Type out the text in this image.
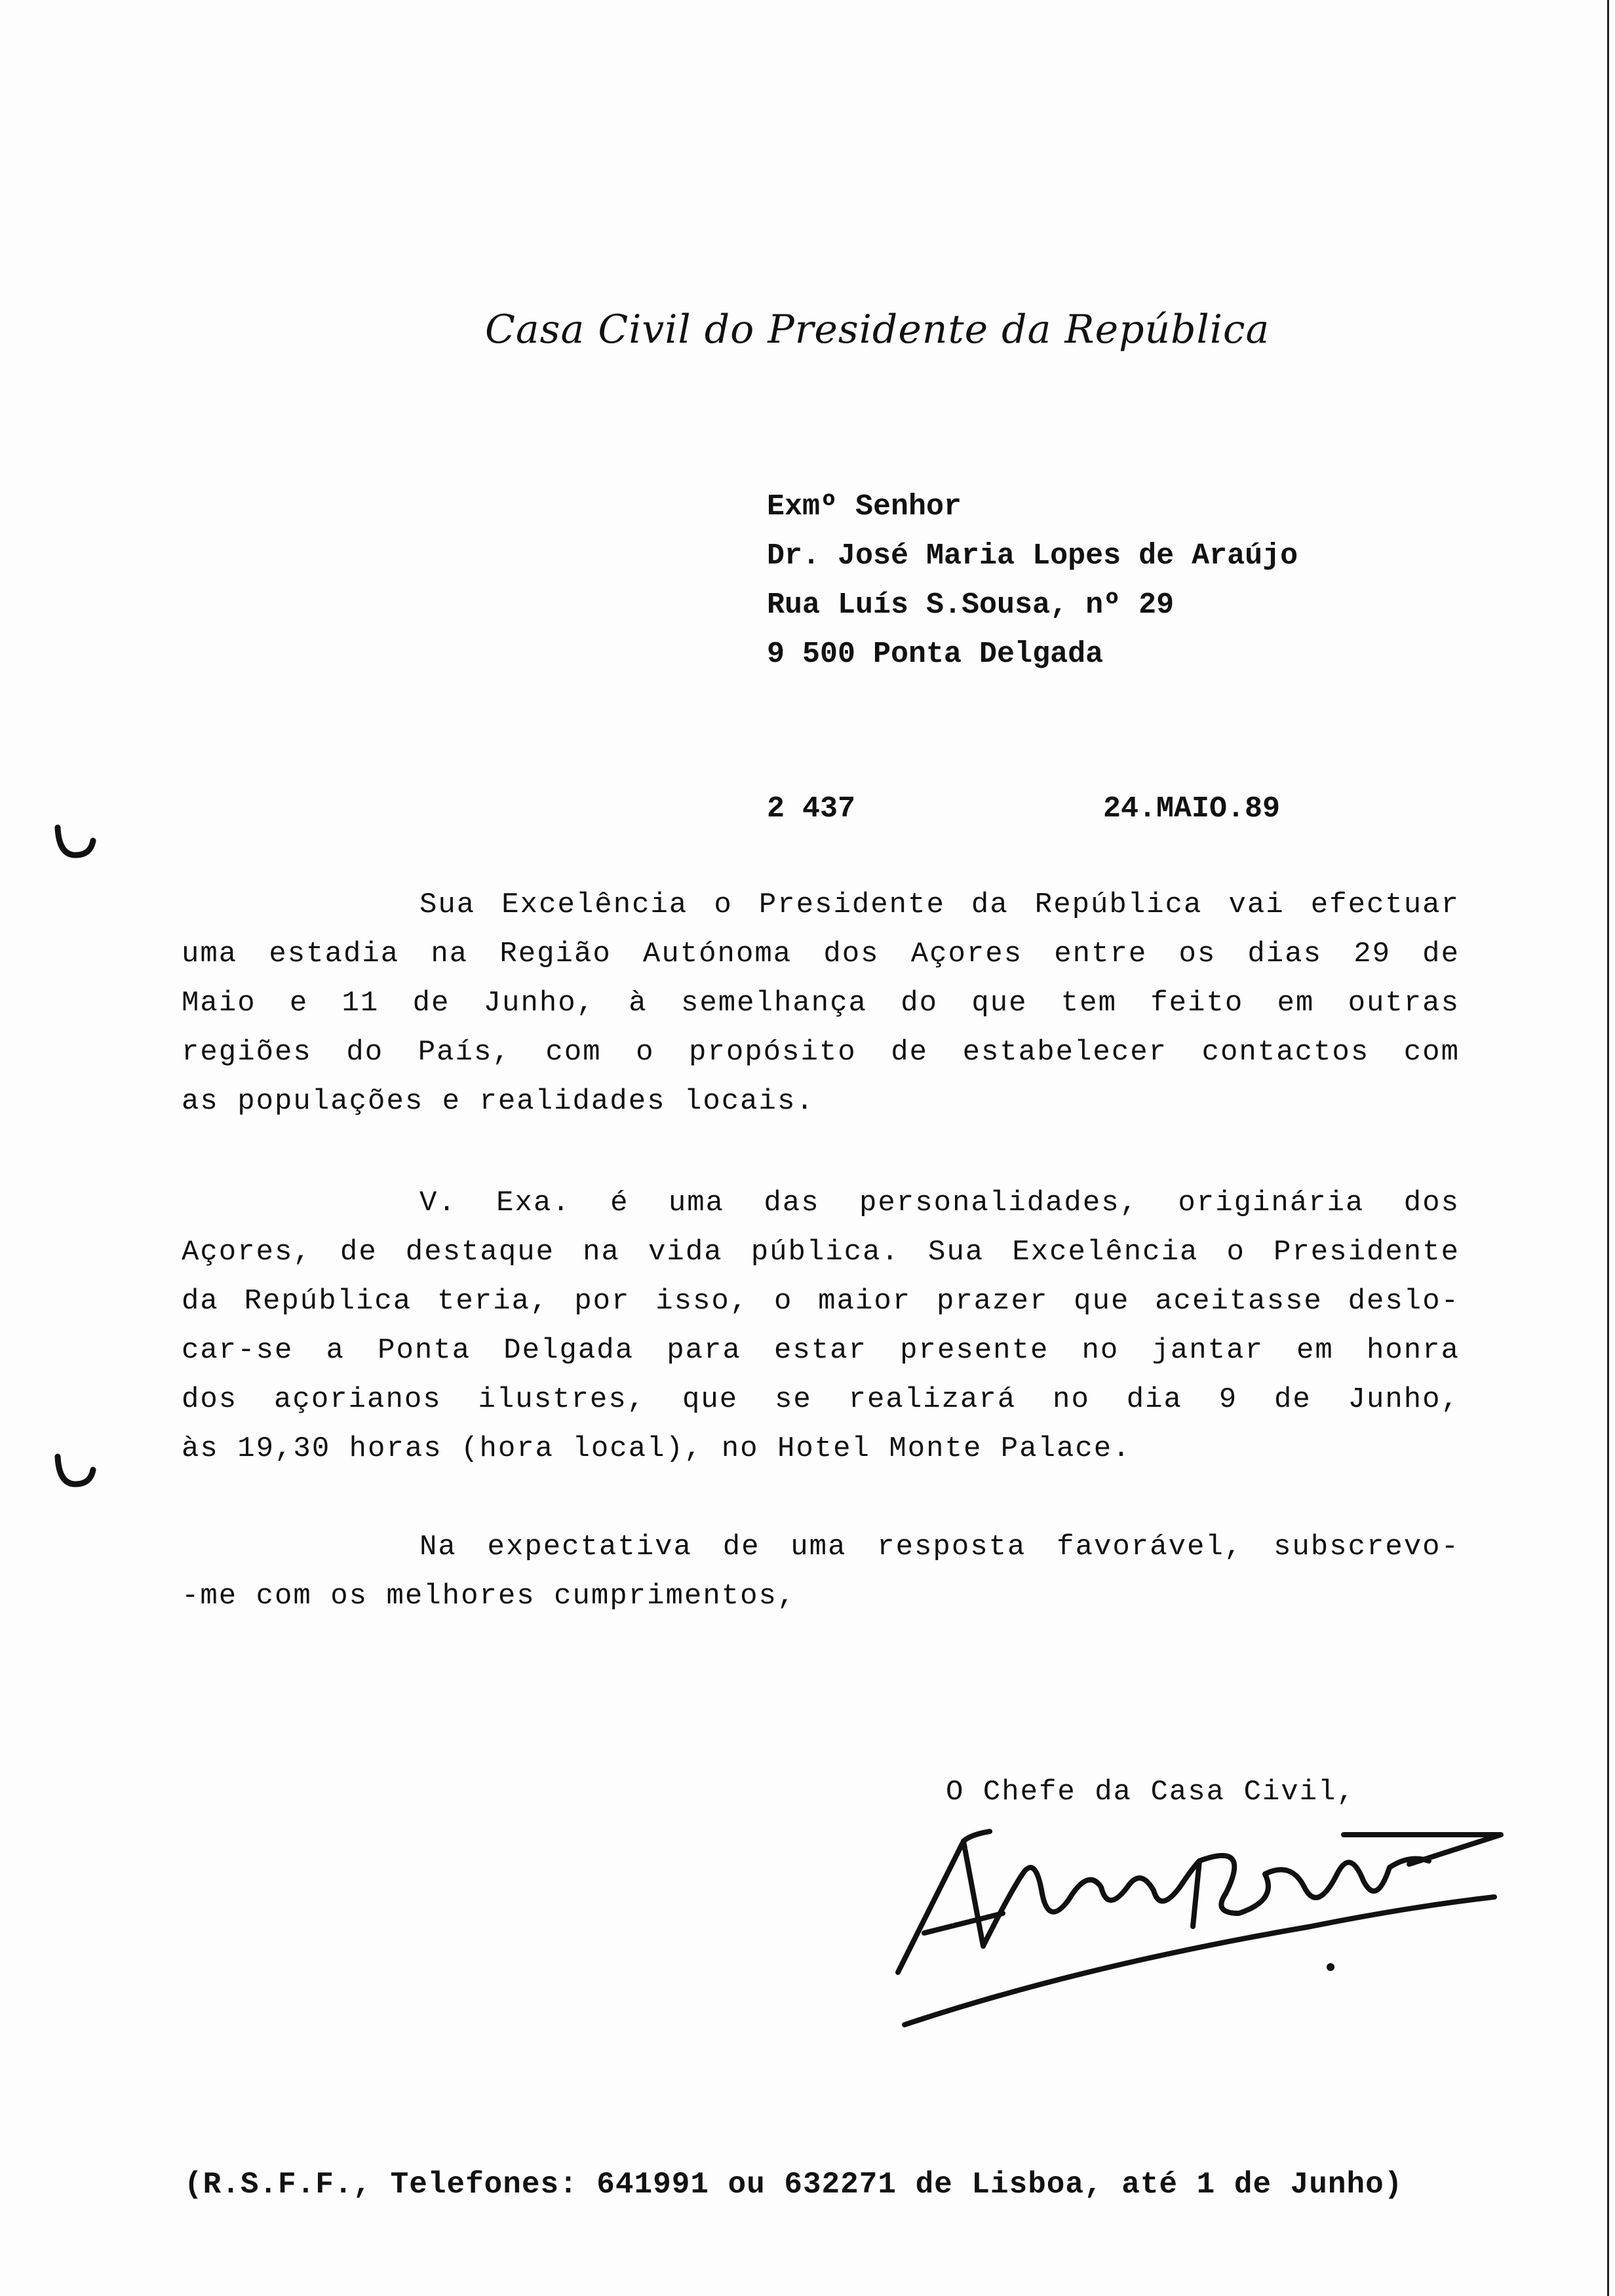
Casa Civil do Presidente da República
Exmº Senhor
Dr. José Maria Lopes de Araújo
Rua Luís S.Sousa, nº 29
9 500 Ponta Delgada
2 437	24.MAIO.89
Sua Excelência o Presidente da República vai efectuar
uma estadia na Região Autónoma dos Açores entre os dias 29 de
Maio e 11 de Junho, à semelhança do que tem feito em outras
regiões do País, com o propósito de estabelecer contactos com
as populações e realidades locais.
V. Exa. é uma das personalidades, originária dos
Açores, de destaque na vida pública. Sua Excelência o Presidente
da República teria, por isso, o maior prazer que aceitasse deslo-
car-se a Ponta Delgada para estar presente no jantar em honra
dos açorianos ilustres, que se realizará no dia 9 de Junho,
às 19,30 horas (hora local), no Hotel Monte Palace.
Na expectativa de uma resposta favorável, subscrevo-
-me com os melhores cumprimentos,
O Chefe da Casa Civil,
(R.S.F.F., Telefones: 641991 ou 632271 de Lisboa, até 1 de Junho)
